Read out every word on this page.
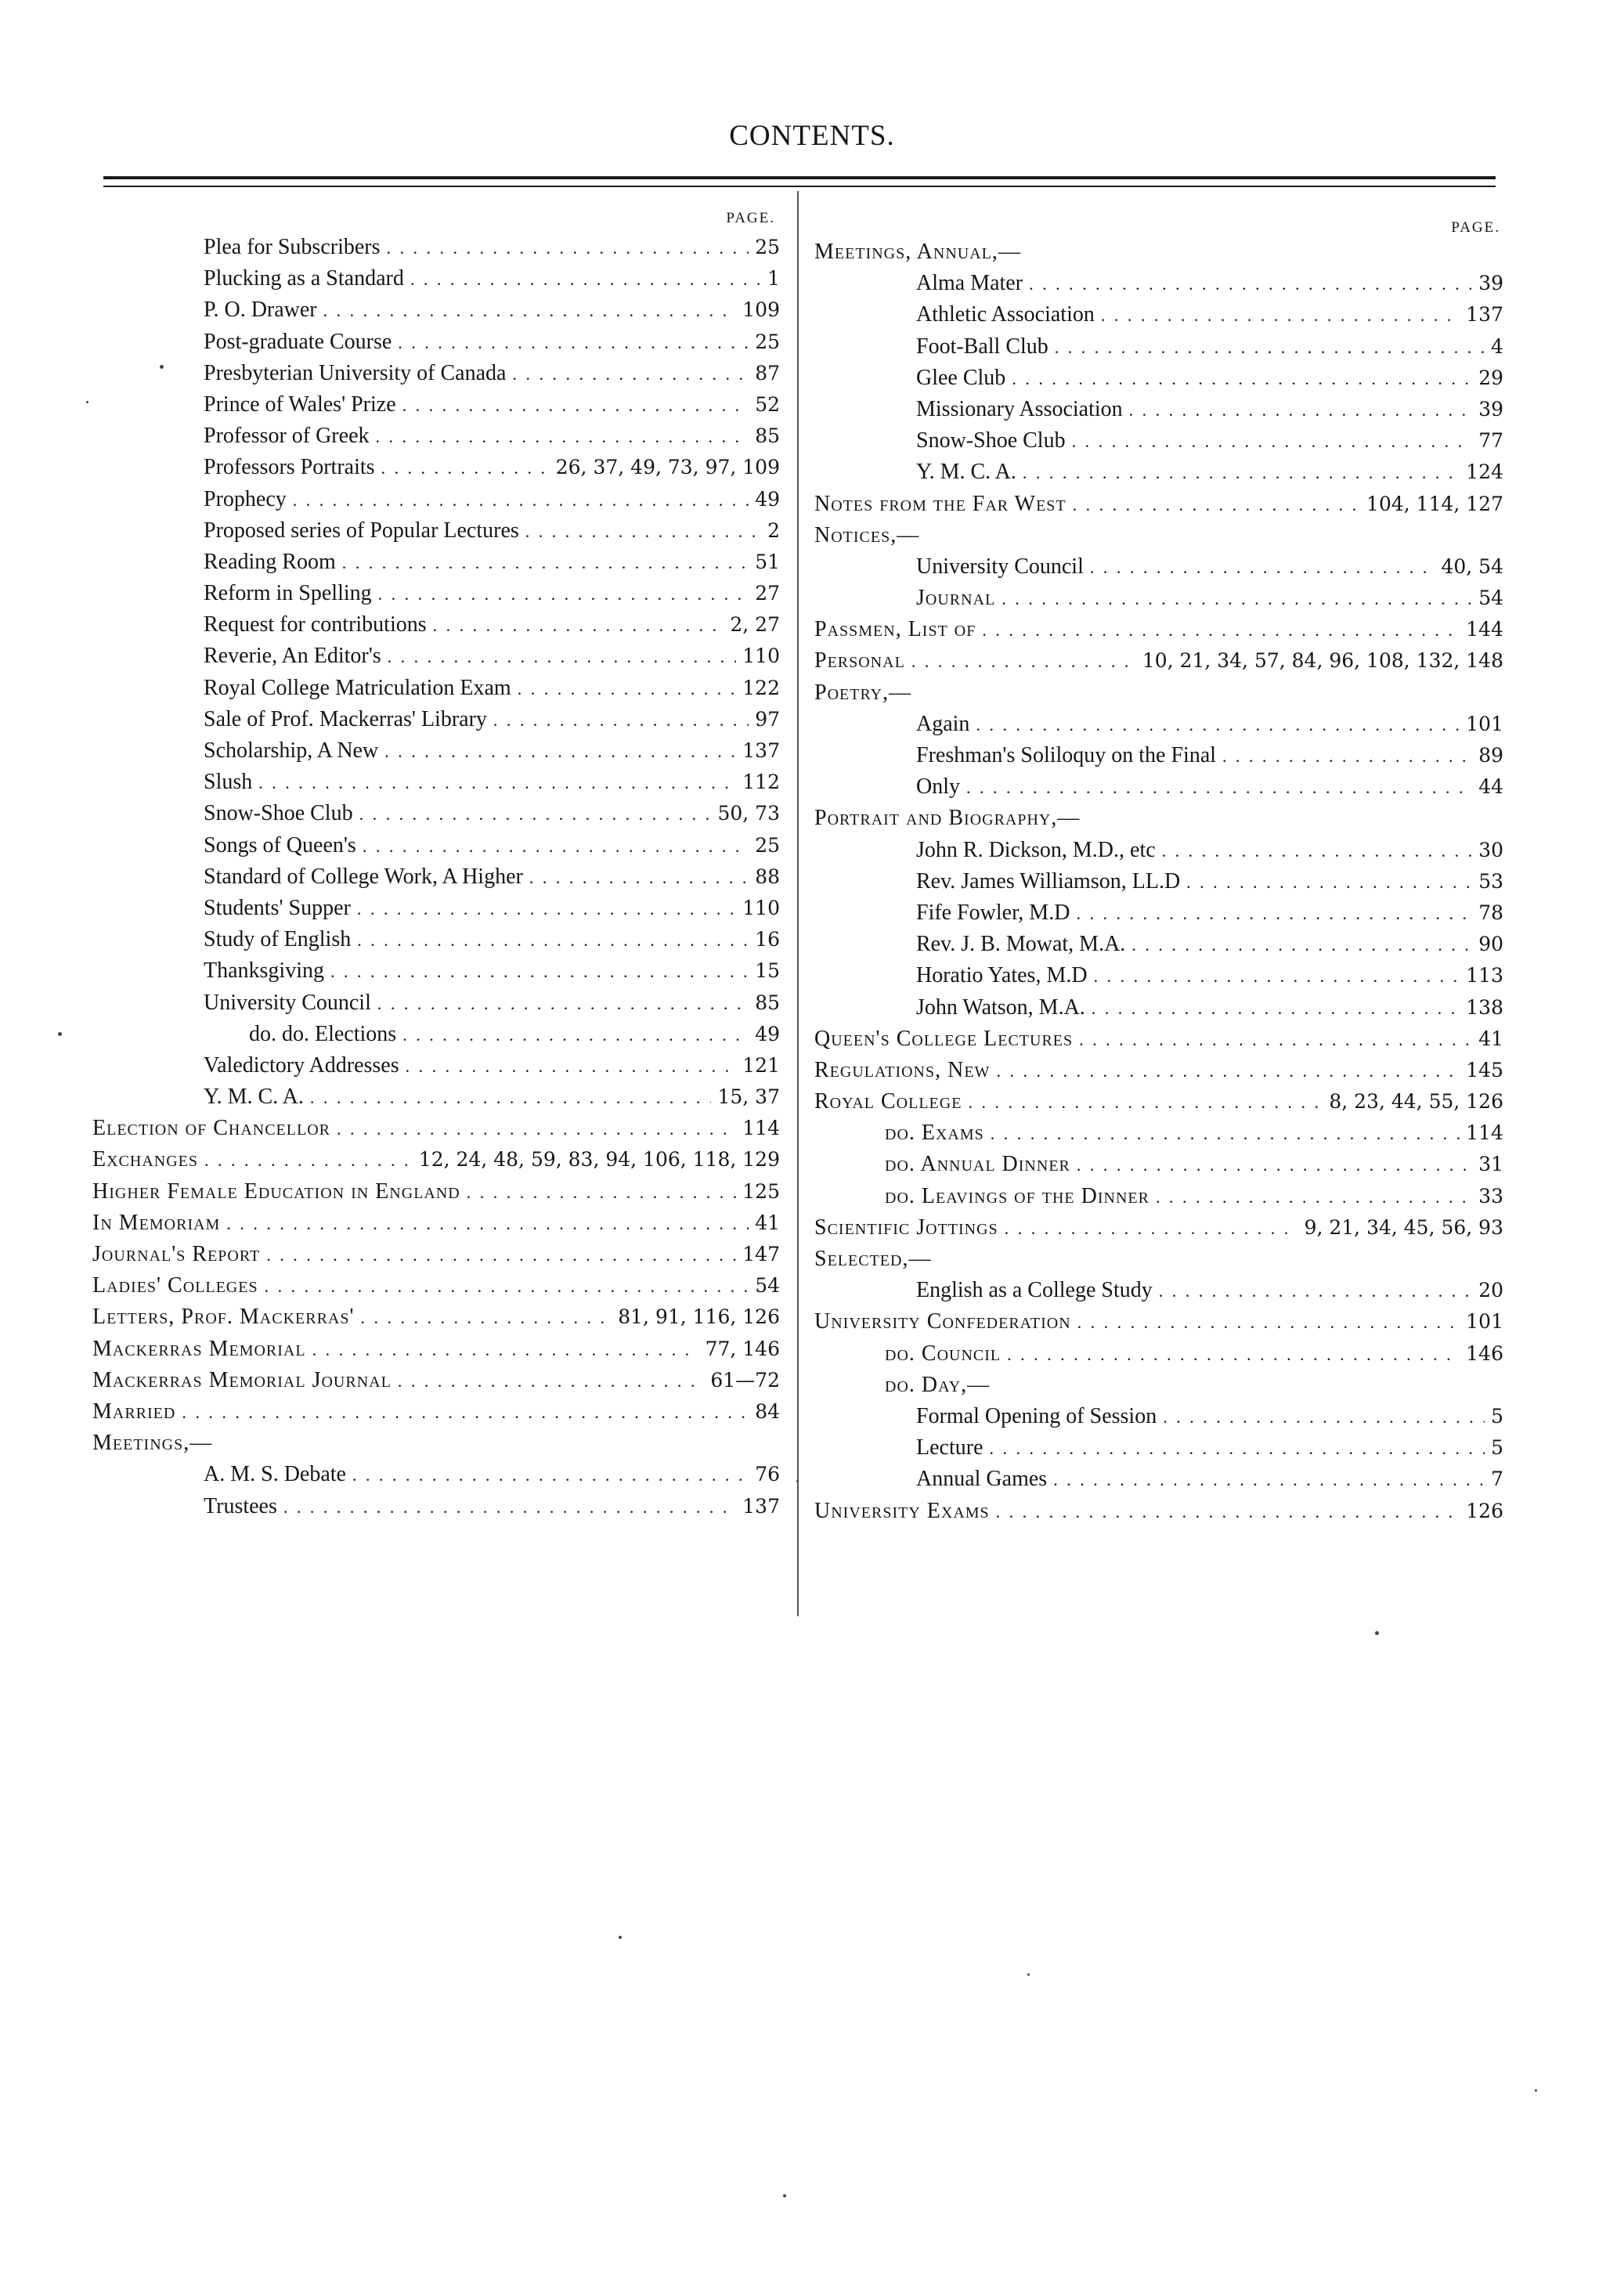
CONTENTS.
PAGE.
Plea for Subscribers . . .	25
Plucking as a Standard . . .	1
P. O. Drawer . . .	109
Post-graduate Course . . .	25
Presbyterian University of Canada . . .	87
Prince of Wales' Prize . . .	52
Professor of Greek . . .	85
Professors Portraits . . .	26, 37, 49, 73, 97, 109
Prophecy . . .	49
Proposed series of Popular Lectures . . .	2
Reading Room . . .	51
Reform in Spelling . . .	27
Request for contributions . . .	2, 27
Reverie, An Editor's . . .	110
Royal College Matriculation Exam . . .	122
Sale of Prof. Mackerras' Library . . .	97
Scholarship, A New . . .	137
Slush . . .	112
Snow-Shoe Club . . .	50, 73
Songs of Queen's . . .	25
Standard of College Work, A Higher . . .	88
Students' Supper . . .	110
Study of English . . .	16
Thanksgiving . . .	15
University Council . . .	85
do. do. Elections . . .	49
Valedictory Addresses . . .	121
Y. M. C. A. . . .	15, 37
Election of Chancellor . . .	114
Exchanges . . .	12, 24, 48, 59, 83, 94, 106, 118, 129
Higher Female Education in England . . .	125
In Memoriam . . .	41
Journal's Report . . .	147
Ladies' Colleges . . .	54
Letters, Prof. Mackerras' . . .	81, 91, 116, 126
Mackerras Memorial . . .	77, 146
Mackerras Memorial Journal . . .	61—72
Married . . .	84
Meetings,—
A. M. S. Debate . . .	76
Trustees . . .	137
PAGE.
Meetings, Annual,—
Alma Mater . . .	39
Athletic Association . . .	137
Foot-Ball Club . . .	4
Glee Club . . .	29
Missionary Association . . .	39
Snow-Shoe Club . . .	77
Y. M. C. A. . . .	124
Notes from the Far West . . .	104, 114, 127
Notices,—
University Council . . .	40, 54
Journal . . .	54
Passmen, List of . . .	144
Personal . . .	10, 21, 34, 57, 84, 96, 108, 132, 148
Poetry,—
Again . . .	101
Freshman's Soliloquy on the Final . . .	89
Only . . .	44
Portrait and Biography,—
John R. Dickson, M.D., etc . . .	30
Rev. James Williamson, LL.D . . .	53
Fife Fowler, M.D . . .	78
Rev. J. B. Mowat, M.A. . . .	90
Horatio Yates, M.D . . .	113
John Watson, M.A. . . .	138
Queen's College Lectures . . .	41
Regulations, New . . .	145
Royal College . . .	8, 23, 44, 55, 126
do. Exams . . .	114
do. Annual Dinner . . .	31
do. Leavings of the Dinner . . .	33
Scientific Jottings . . .	9, 21, 34, 45, 56, 93
Selected,—
English as a College Study . . .	20
University Confederation . . .	101
do. Council . . .	146
do. Day,—
Formal Opening of Session . . .	5
Lecture . . .	5
Annual Games . . .	7
University Exams . . .	126
